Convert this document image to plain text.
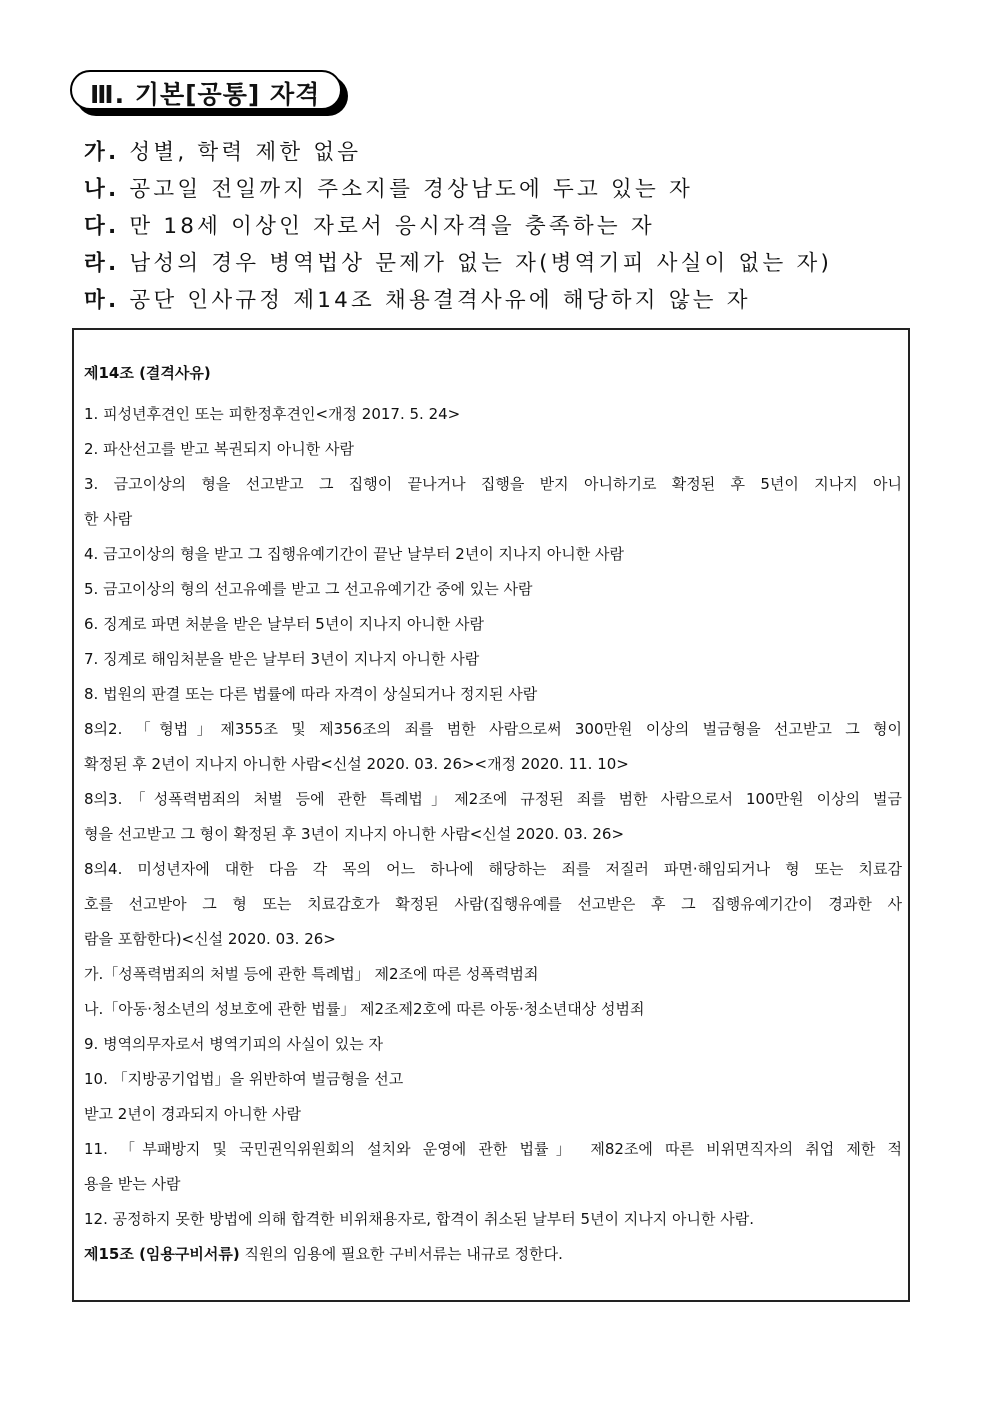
Ⅲ. 기본[공통] 자격
가. 성별, 학력 제한 없음
나. 공고일 전일까지 주소지를 경상남도에 두고 있는 자
다. 만 18세 이상인 자로서 응시자격을 충족하는 자
라. 남성의 경우 병역법상 문제가 없는 자(병역기피 사실이 없는 자)
마. 공단 인사규정 제14조 채용결격사유에 해당하지 않는 자
제14조 (결격사유)
1. 피성년후견인 또는 피한정후견인<개정 2017. 5. 24>
2. 파산선고를 받고 복권되지 아니한 사람
3. 금고이상의 형을 선고받고 그 집행이 끝나거나 집행을 받지 아니하기로 확정된 후 5년이 지나지 아니
한 사람
4. 금고이상의 형을 받고 그 집행유예기간이 끝난 날부터 2년이 지나지 아니한 사람
5. 금고이상의 형의 선고유예를 받고 그 선고유예기간 중에 있는 사람
6. 징계로 파면 처분을 받은 날부터 5년이 지나지 아니한 사람
7. 징계로 해임처분을 받은 날부터 3년이 지나지 아니한 사람
8. 법원의 판결 또는 다른 법률에 따라 자격이 상실되거나 정지된 사람
8의2. 「형법」제355조 및 제356조의 죄를 범한 사람으로써 300만원 이상의 벌금형을 선고받고 그 형이
확정된 후 2년이 지나지 아니한 사람<신설 2020. 03. 26><개정 2020. 11. 10>
8의3.「성폭력범죄의 처벌 등에 관한 특례법」제2조에 규정된 죄를 범한 사람으로서 100만원 이상의 벌금
형을 선고받고 그 형이 확정된 후 3년이 지나지 아니한 사람<신설 2020. 03. 26>
8의4. 미성년자에 대한 다음 각 목의 어느 하나에 해당하는 죄를 저질러 파면·해임되거나 형 또는 치료감
호를 선고받아 그 형 또는 치료감호가 확정된 사람(집행유예를 선고받은 후 그 집행유예기간이 경과한 사
람을 포함한다)<신설 2020. 03. 26>
가.「성폭력범죄의 처벌 등에 관한 특례법」 제2조에 따른 성폭력범죄
나.「아동·청소년의 성보호에 관한 법률」 제2조제2호에 따른 아동·청소년대상 성범죄
9. 병역의무자로서 병역기피의 사실이 있는 자
10. 「지방공기업법」을 위반하여 벌금형을 선고
받고 2년이 경과되지 아니한 사람
11. 「부패방지 및 국민권익위원회의 설치와 운영에 관한 법률」 제82조에 따른 비위면직자의 취업 제한 적
용을 받는 사람
12. 공정하지 못한 방법에 의해 합격한 비위채용자로, 합격이 취소된 날부터 5년이 지나지 아니한 사람.
제15조 (임용구비서류) 직원의 임용에 필요한 구비서류는 내규로 정한다.
